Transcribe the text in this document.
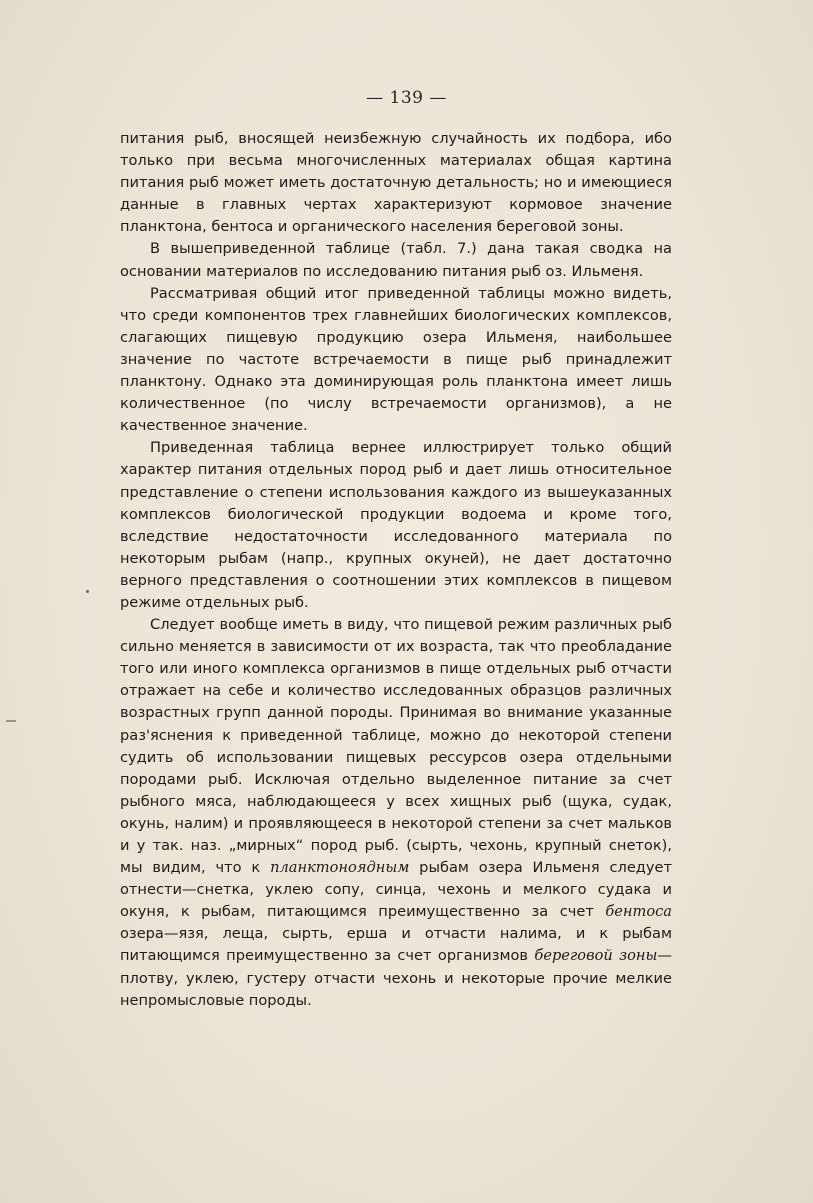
— 139 —

питания рыб, вносящей неизбежную случайность их подбора, ибо только при весьма многочисленных материалах общая картина питания рыб может иметь достаточную детальность; но и имеющиеся данные в главных чертах характеризуют кормовое значение планктона, бентоса и органического населения береговой зоны.

В вышеприведенной таблице (табл. 7.) дана такая сводка на основании материалов по исследованию питания рыб оз. Ильменя.

Рассматривая общий итог приведенной таблицы можно видеть, что среди компонентов трех главнейших биологических комплексов, слагающих пищевую продукцию озера Ильменя, наибольшее значение по частоте встречаемости в пище рыб принадлежит планктону. Однако эта доминирующая роль планктона имеет лишь количественное (по числу встречаемости организмов), а не качественное значение.

Приведенная таблица вернее иллюстрирует только общий характер питания отдельных пород рыб и дает лишь относительное представление о степени использования каждого из вышеуказанных комплексов биологической продукции водоема и кроме того, вследствие недостаточности исследованного материала по некоторым рыбам (напр., крупных окуней), не дает достаточно верного представления о соотношении этих комплексов в пищевом режиме отдельных рыб.

Следует вообще иметь в виду, что пищевой режим различных рыб сильно меняется в зависимости от их возраста, так что преобладание того или иного комплекса организмов в пище отдельных рыб отчасти отражает на себе и количество исследованных образцов различных возрастных групп данной породы. Принимая во внимание указанные раз'яснения к приведенной таблице, можно до некоторой степени судить об использовании пищевых рессурсов озера отдельными породами рыб. Исключая отдельно выделенное питание за счет рыбного мяса, наблюдающееся у всех хищных рыб (щука, судак, окунь, налим) и проявляющееся в некоторой степени за счет мальков и у так. наз. „мирных“ пород рыб. (сырть, чехонь, крупный снеток), мы видим, что к планктоноядным рыбам озера Ильменя следует отнести—снетка, уклею сопу, синца, чехонь и мелкого судака и окуня, к рыбам, питающимся преимущественно за счет бентоса озера—язя, леща, сырть, ерша и отчасти налима, и к рыбам питающимся преимущественно за счет организмов береговой зоны—плотву, уклею, густеру отчасти чехонь и некоторые прочие мелкие непромысловые породы.
